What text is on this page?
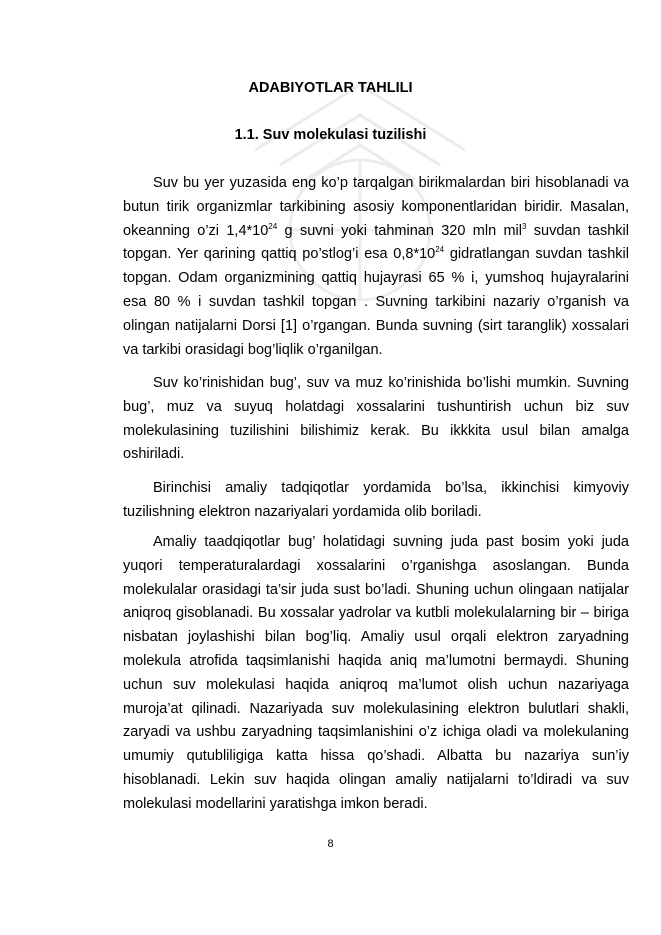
ADABIYOTLAR TAHLILI
1.1. Suv molekulasi tuzilishi

Suv bu yer yuzasida eng ko’p tarqalgan birikmalardan biri hisoblanadi va butun tirik organizmlar tarkibining asosiy komponentlaridan biridir. Masalan, okeanning o’zi $1,4*10^{24}$ g suvni yoki tahminan 320 mln mil$^3$ suvdan tashkil topgan. Yer qarining qattiq po’stlog’i esa $0,8*10^{24}$ gidratlangan suvdan tashkil topgan. Odam organizmining qattiq hujayrasi 65 % i, yumshoq hujayralarini esa 80 % i suvdan tashkil topgan . Suvning tarkibini nazariy o’rganish va olingan natijalarni Dorsi [1] o’rgangan. Bunda suvning (sirt taranglik) xossalari va tarkibi orasidagi bog’liqlik o’rganilgan.

Suv ko’rinishidan bug’, suv va muz ko’rinishida bo’lishi mumkin. Suvning bug’, muz va suyuq holatdagi xossalarini tushuntirish uchun biz suv molekulasining tuzilishini bilishimiz kerak. Bu ikkkita usul bilan amalga oshiriladi.

Birinchisi amaliy tadqiqotlar yordamida bo’lsa, ikkinchisi kimyoviy tuzilishning elektron nazariyalari yordamida olib boriladi.

Amaliy taadqiqotlar bug’ holatidagi suvning juda past bosim yoki juda yuqori temperaturalardagi xossalarini o’rganishga asoslangan. Bunda molekulalar orasidagi ta’sir juda sust bo’ladi. Shuning uchun olingaan natijalar aniqroq gisoblanadi. Bu xossalar yadrolar va kutbli molekulalarning bir – biriga nisbatan joylashishi bilan bog’liq. Amaliy usul orqali elektron zaryadning molekula atrofida taqsimlanishi haqida aniq ma’lumotni bermaydi. Shuning uchun suv molekulasi haqida aniqroq ma’lumot olish uchun nazariyaga muroja’at qilinadi. Nazariyada suv molekulasining elektron bulutlari shakli, zaryadi va ushbu zaryadning taqsimlanishini o’z ichiga oladi va molekulaning umumiy qutubliligiga katta hissa qo’shadi. Albatta bu nazariya sun’iy hisoblanadi. Lekin suv haqida olingan amaliy natijalarni to’ldiradi va suv molekulasi modellarini yaratishga imkon beradi.

8
